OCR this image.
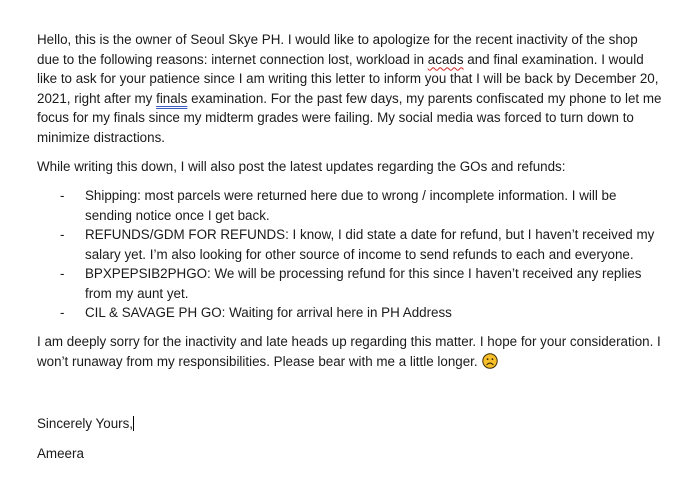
Hello, this is the owner of Seoul Skye PH. I would like to apologize for the recent inactivity of the shop due to the following reasons: internet connection lost, workload in acads and final examination. I would like to ask for your patience since I am writing this letter to inform you that I will be back by December 20, 2021, right after my finals examination. For the past few days, my parents confiscated my phone to let me focus for my finals since my midterm grades were failing. My social media was forced to turn down to minimize distractions.

While writing this down, I will also post the latest updates regarding the GOs and refunds:

- Shipping: most parcels were returned here due to wrong / incomplete information. I will be sending notice once I get back.
- REFUNDS/GDM FOR REFUNDS: I know, I did state a date for refund, but I haven’t received my salary yet. I’m also looking for other source of income to send refunds to each and everyone.
- BPXPEPSIB2PHGO: We will be processing refund for this since I haven’t received any replies from my aunt yet.
- CIL & SAVAGE PH GO: Waiting for arrival here in PH Address

I am deeply sorry for the inactivity and late heads up regarding this matter. I hope for your consideration. I won’t runaway from my responsibilities. Please bear with me a little longer.

Sincerely Yours,

Ameera
